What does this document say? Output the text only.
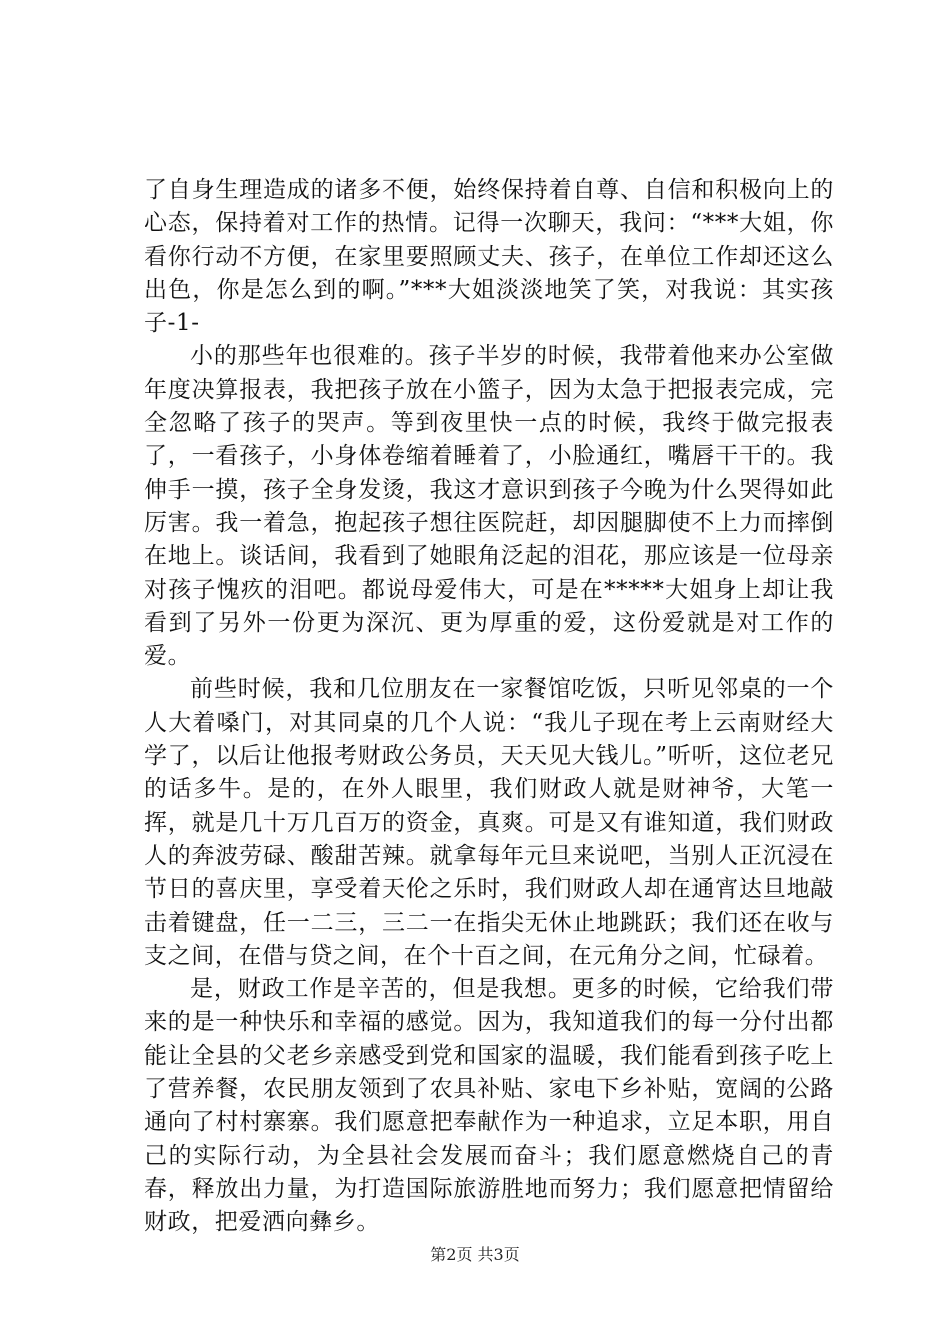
了自身生理造成的诸多不便，始终保持着自尊、自信和积极向上的心态，保持着对工作的热情。记得一次聊天，我问：“***大姐，你看你行动不方便，在家里要照顾丈夫、孩子，在单位工作却还这么出色，你是怎么到的啊。”***大姐淡淡地笑了笑，对我说：其实孩子-1-

小的那些年也很难的。孩子半岁的时候，我带着他来办公室做年度决算报表，我把孩子放在小篮子，因为太急于把报表完成，完全忽略了孩子的哭声。等到夜里快一点的时候，我终于做完报表了，一看孩子，小身体卷缩着睡着了，小脸通红，嘴唇干干的。我伸手一摸，孩子全身发烫，我这才意识到孩子今晚为什么哭得如此厉害。我一着急，抱起孩子想往医院赶，却因腿脚使不上力而摔倒在地上。谈话间，我看到了她眼角泛起的泪花，那应该是一位母亲对孩子愧疚的泪吧。都说母爱伟大，可是在*****大姐身上却让我看到了另外一份更为深沉、更为厚重的爱，这份爱就是对工作的爱。

前些时候，我和几位朋友在一家餐馆吃饭，只听见邻桌的一个人大着嗓门，对其同桌的几个人说：“我儿子现在考上云南财经大学了，以后让他报考财政公务员，天天见大钱儿。”听听，这位老兄的话多牛。是的，在外人眼里，我们财政人就是财神爷，大笔一挥，就是几十万几百万的资金，真爽。可是又有谁知道，我们财政人的奔波劳碌、酸甜苦辣。就拿每年元旦来说吧，当别人正沉浸在节日的喜庆里，享受着天伦之乐时，我们财政人却在通宵达旦地敲击着键盘，任一二三，三二一在指尖无休止地跳跃；我们还在收与支之间，在借与贷之间，在个十百之间，在元角分之间，忙碌着。

是，财政工作是辛苦的，但是我想。更多的时候，它给我们带来的是一种快乐和幸福的感觉。因为，我知道我们的每一分付出都能让全县的父老乡亲感受到党和国家的温暖，我们能看到孩子吃上了营养餐，农民朋友领到了农具补贴、家电下乡补贴，宽阔的公路通向了村村寨寨。我们愿意把奉献作为一种追求，立足本职，用自己的实际行动，为全县社会发展而奋斗；我们愿意燃烧自己的青春，释放出力量，为打造国际旅游胜地而努力；我们愿意把情留给财政，把爱洒向彝乡。

第2页 共3页
